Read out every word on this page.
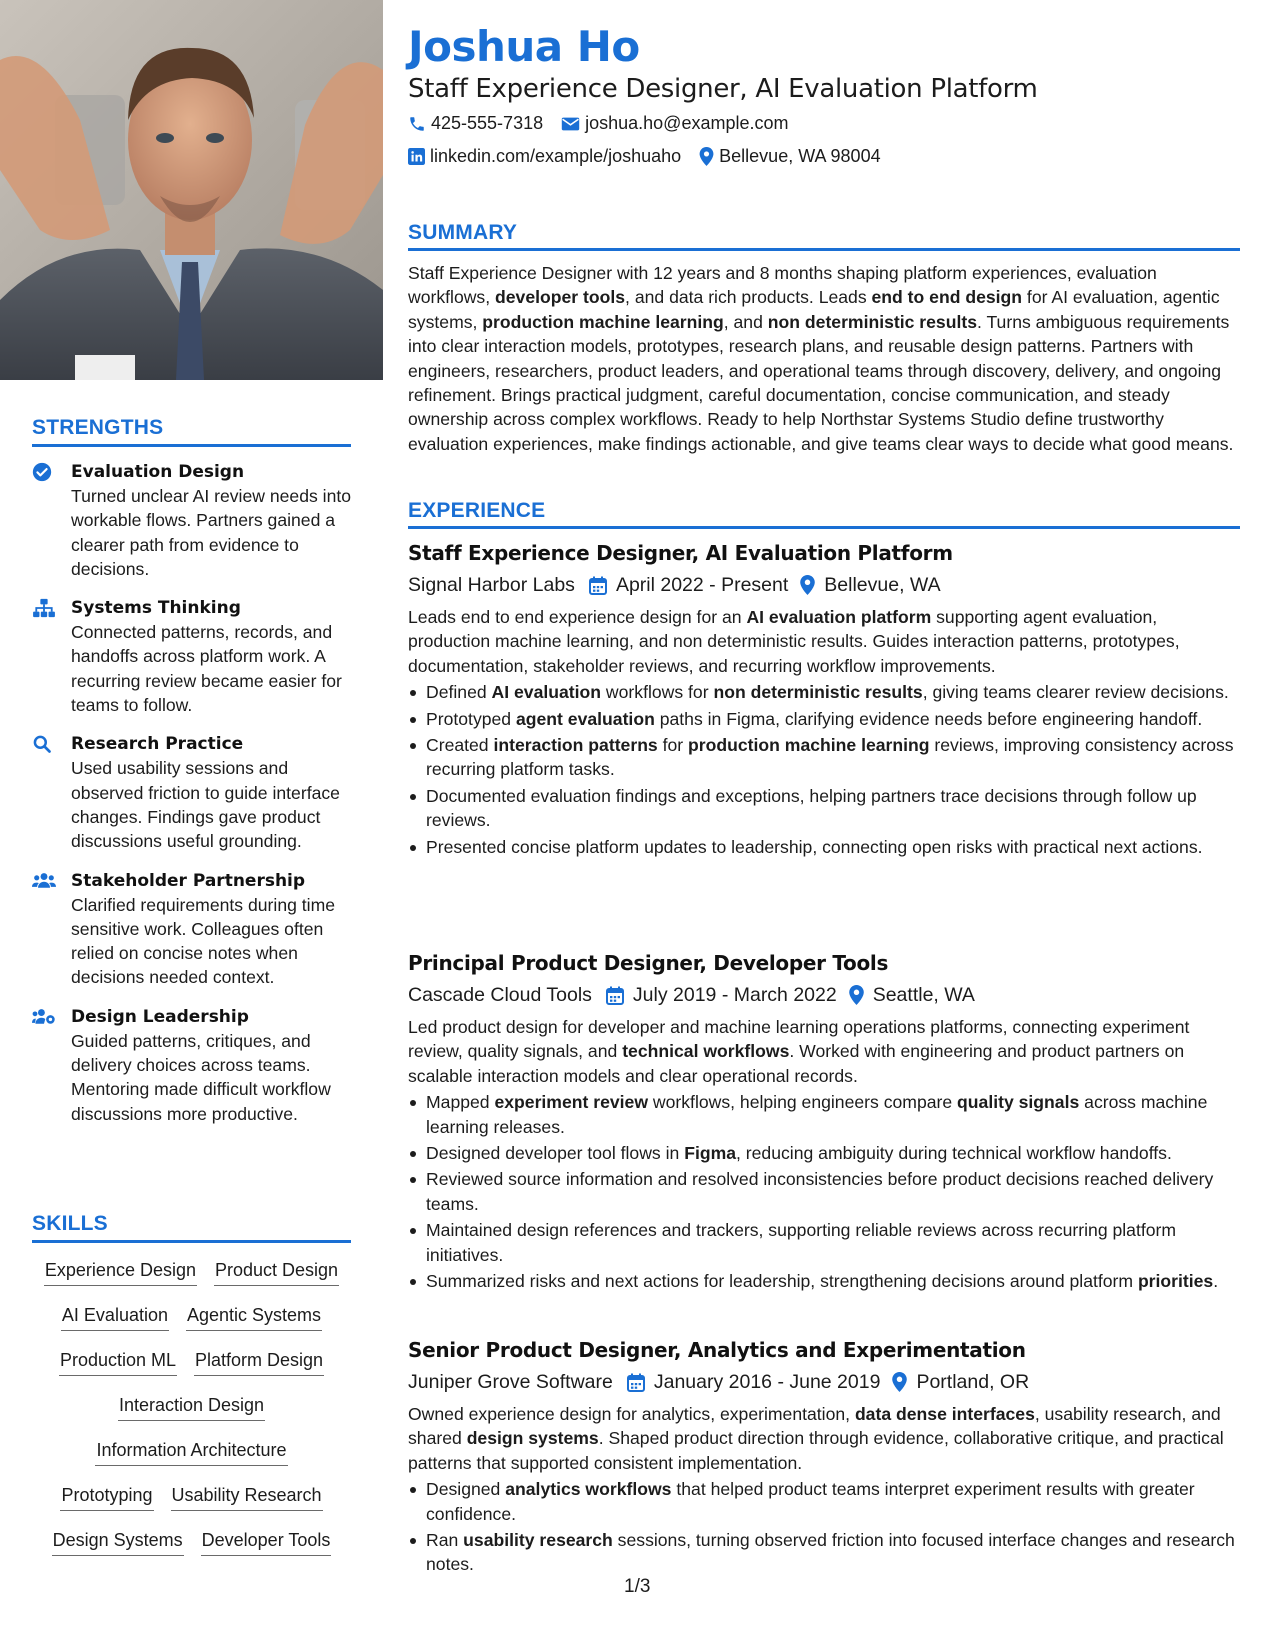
STRENGTHS
Evaluation Design
Turned unclear AI review needs into workable flows. Partners gained a clearer path from evidence to decisions.
Systems Thinking
Connected patterns, records, and handoffs across platform work. A recurring review became easier for teams to follow.
Research Practice
Used usability sessions and observed friction to guide interface changes. Findings gave product discussions useful grounding.
Stakeholder Partnership
Clarified requirements during time sensitive work. Colleagues often relied on concise notes when decisions needed context.
Design Leadership
Guided patterns, critiques, and delivery choices across teams. Mentoring made difficult workflow discussions more productive.
SKILLS
Experience Design Product Design
AI Evaluation Agentic Systems
Production ML Platform Design
Interaction Design
Information Architecture
Prototyping Usability Research
Design Systems Developer Tools
Joshua Ho
Staff Experience Designer, AI Evaluation Platform
425-555-7318 joshua.ho@example.com
linkedin.com/example/joshuaho Bellevue, WA 98004
SUMMARY
Staff Experience Designer with 12 years and 8 months shaping platform experiences, evaluation workflows, developer tools, and data rich products. Leads end to end design for AI evaluation, agentic systems, production machine learning, and non deterministic results. Turns ambiguous requirements into clear interaction models, prototypes, research plans, and reusable design patterns. Partners with engineers, researchers, product leaders, and operational teams through discovery, delivery, and ongoing refinement. Brings practical judgment, careful documentation, concise communication, and steady ownership across complex workflows. Ready to help Northstar Systems Studio define trustworthy evaluation experiences, make findings actionable, and give teams clear ways to decide what good means.
EXPERIENCE
Staff Experience Designer, AI Evaluation Platform
Signal Harbor Labs April 2022 - Present Bellevue, WA
Leads end to end experience design for an AI evaluation platform supporting agent evaluation, production machine learning, and non deterministic results. Guides interaction patterns, prototypes, documentation, stakeholder reviews, and recurring workflow improvements.
Defined AI evaluation workflows for non deterministic results, giving teams clearer review decisions.
Prototyped agent evaluation paths in Figma, clarifying evidence needs before engineering handoff.
Created interaction patterns for production machine learning reviews, improving consistency across recurring platform tasks.
Documented evaluation findings and exceptions, helping partners trace decisions through follow up reviews.
Presented concise platform updates to leadership, connecting open risks with practical next actions.
Principal Product Designer, Developer Tools
Cascade Cloud Tools July 2019 - March 2022 Seattle, WA
Led product design for developer and machine learning operations platforms, connecting experiment review, quality signals, and technical workflows. Worked with engineering and product partners on scalable interaction models and clear operational records.
Mapped experiment review workflows, helping engineers compare quality signals across machine learning releases.
Designed developer tool flows in Figma, reducing ambiguity during technical workflow handoffs.
Reviewed source information and resolved inconsistencies before product decisions reached delivery teams.
Maintained design references and trackers, supporting reliable reviews across recurring platform initiatives.
Summarized risks and next actions for leadership, strengthening decisions around platform priorities.
Senior Product Designer, Analytics and Experimentation
Juniper Grove Software January 2016 - June 2019 Portland, OR
Owned experience design for analytics, experimentation, data dense interfaces, usability research, and shared design systems. Shaped product direction through evidence, collaborative critique, and practical patterns that supported consistent implementation.
Designed analytics workflows that helped product teams interpret experiment results with greater confidence.
Ran usability research sessions, turning observed friction into focused interface changes and research notes.
1/3
